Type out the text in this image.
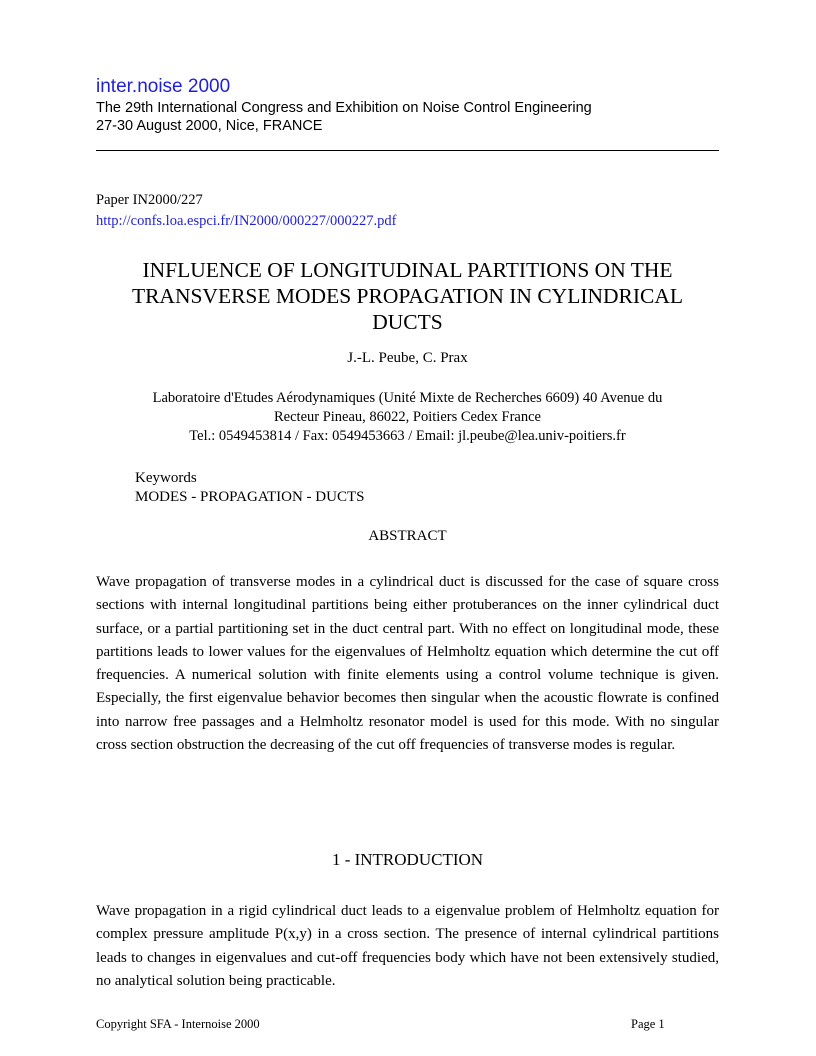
inter.noise 2000
The 29th International Congress and Exhibition on Noise Control Engineering
27-30 August 2000, Nice, FRANCE
Paper IN2000/227
http://confs.loa.espci.fr/IN2000/000227/000227.pdf
INFLUENCE OF LONGITUDINAL PARTITIONS ON THE
TRANSVERSE MODES PROPAGATION IN CYLINDRICAL
DUCTS
J.-L. Peube, C. Prax
Laboratoire d'Etudes Aérodynamiques (Unité Mixte de Recherches 6609) 40 Avenue du
Recteur Pineau, 86022, Poitiers Cedex France
Tel.: 0549453814 / Fax: 0549453663 / Email: jl.peube@lea.univ-poitiers.fr
Keywords
MODES - PROPAGATION - DUCTS
ABSTRACT
Wave propagation of transverse modes in a cylindrical duct is discussed for the case of square cross sections with internal longitudinal partitions being either protuberances on the inner cylindrical duct surface, or a partial partitioning set in the duct central part. With no effect on longitudinal mode, these partitions leads to lower values for the eigenvalues of Helmholtz equation which determine the cut off frequencies. A numerical solution with finite elements using a control volume technique is given. Especially, the first eigenvalue behavior becomes then singular when the acoustic flowrate is confined into narrow free passages and a Helmholtz resonator model is used for this mode. With no singular cross section obstruction the decreasing of the cut off frequencies of transverse modes is regular.
1 - INTRODUCTION
Wave propagation in a rigid cylindrical duct leads to a eigenvalue problem of Helmholtz equation for complex pressure amplitude P(x,y) in a cross section. The presence of internal cylindrical partitions leads to changes in eigenvalues and cut-off frequencies body which have not been extensively studied, no analytical solution being practicable.
Copyright SFA - Internoise 2000	Page 1
